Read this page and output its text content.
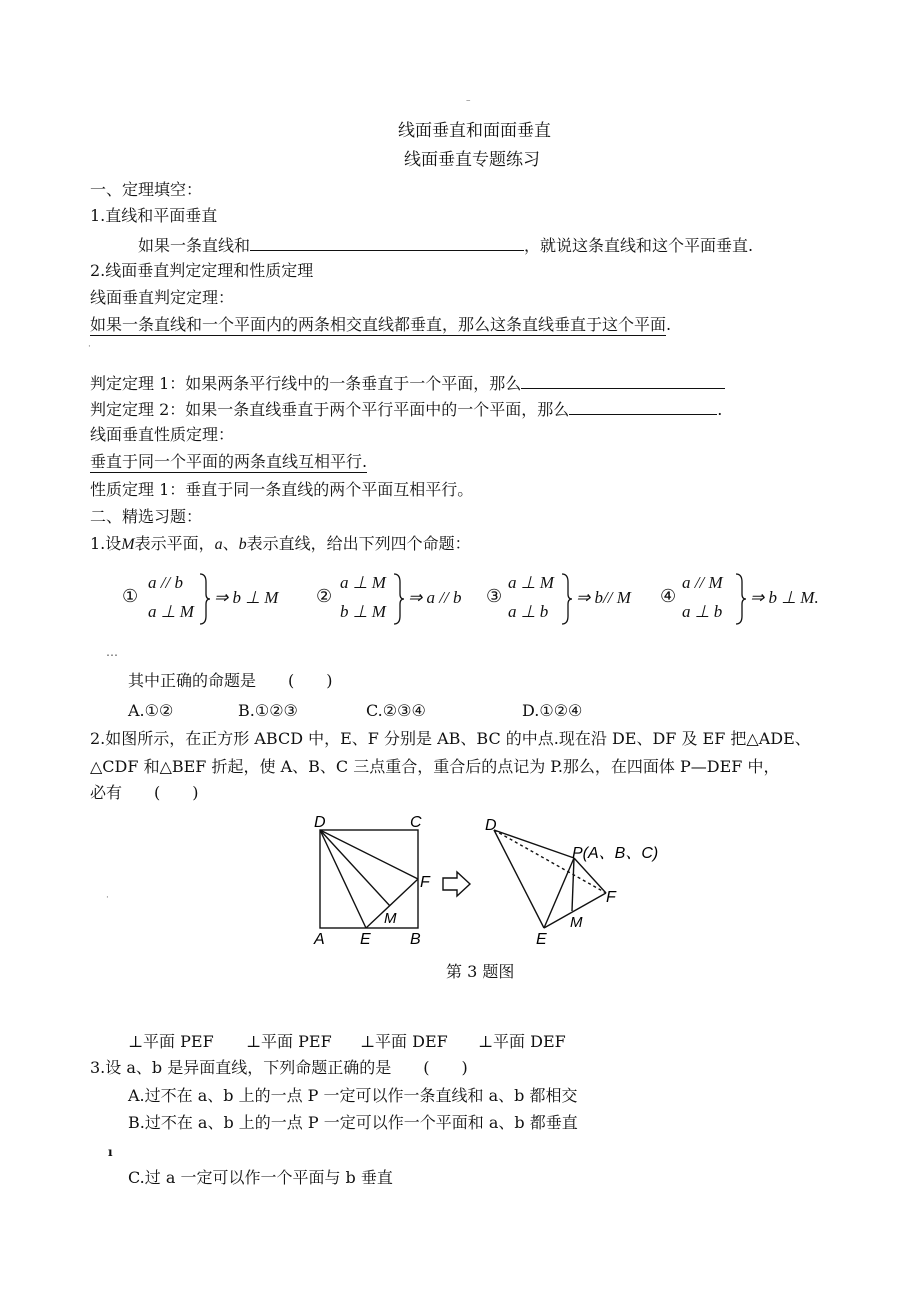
–
线面垂直和面面垂直
线面垂直专题练习
一、定理填空：
1.直线和平面垂直
如果一条直线和	，就说这条直线和这个平面垂直.
2.线面垂直判定定理和性质定理
线面垂直判定定理：
如果一条直线和一个平面内的两条相交直线都垂直，那么这条直线垂直于这个平面.
·
判定定理 1：如果两条平行线中的一条垂直于一个平面，那么
判定定理 2：如果一条直线垂直于两个平行平面中的一个平面，那么	.
线面垂直性质定理：
垂直于同一个平面的两条直线互相平行.
性质定理 1：垂直于同一条直线的两个平面互相平行。
二、精选习题：
1.设M表示平面，a、b表示直线，给出下列四个命题：
①
a // b
a ⊥ M
⇒ b ⊥ M ②
a ⊥ M
b ⊥ M
⇒ a // b ③
a ⊥ M
a ⊥ b
⇒ b// M ④
a // M
a ⊥ b
⇒ b ⊥ M.
…
其中正确的命题是　　(　　)
A.①②	B.①②③	C.②③④	D.①②④
2.如图所示，在正方形 ABCD 中，E、F 分别是 AB、BC 的中点.现在沿 DE、DF 及 EF 把△ADE、
△CDF 和△BEF 折起，使 A、B、C 三点重合，重合后的点记为 P.那么，在四面体 P—DEF 中，
必有　　(　　)
D	C
F
M
A E B
D
P(A、B、C)
F
M
E
·
第 3 题图
⊥平面 PEF ⊥平面 PEF ⊥平面 DEF ⊥平面 DEF
3.设 a、b 是异面直线，下列命题正确的是　　(　　)
A.过不在 a、b 上的一点 P 一定可以作一条直线和 a、b 都相交
B.过不在 a、b 上的一点 P 一定可以作一个平面和 a、b 都垂直
ı
C.过 a 一定可以作一个平面与 b 垂直
